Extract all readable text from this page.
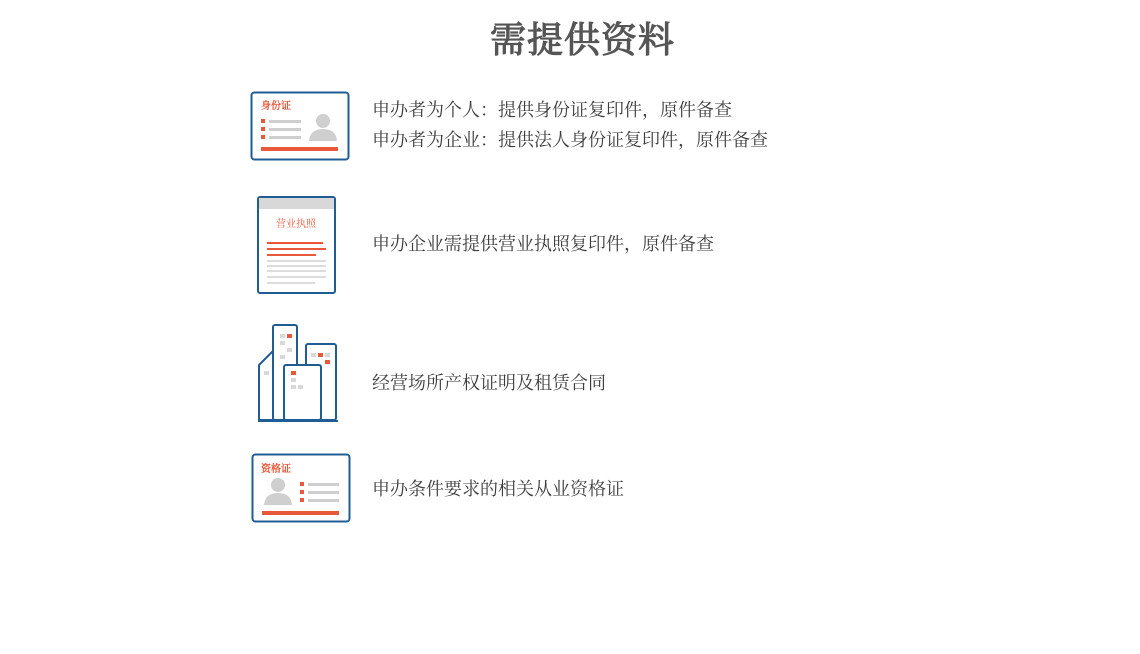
需提供资料
身份证	申办者为个人：提供身份证复印件，原件备查
申办者为企业：提供法人身份证复印件，原件备查
营业执照
申办企业需提供营业执照复印件，原件备查
经营场所产权证明及租赁合同
资格证
申办条件要求的相关从业资格证
